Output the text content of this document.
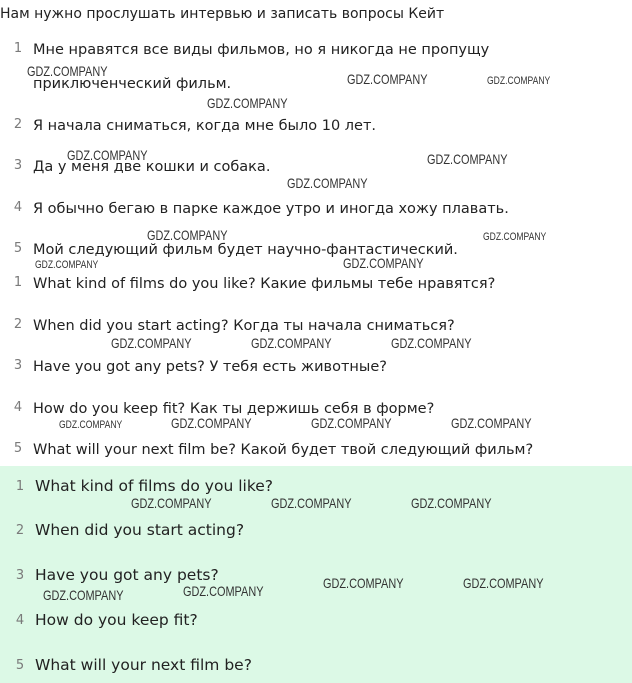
Нам нужно прослушать интервью и записать вопросы Кейт
1 Мне нравятся все виды фильмов, но я никогда не пропущу
приключенческий фильм.
2 Я начала сниматься, когда мне было 10 лет.
3 Да у меня две кошки и собака.
4 Я обычно бегаю в парке каждое утро и иногда хожу плавать.
5 Мой следующий фильм будет научно-фантастический.
1 What kind of films do you like? Какие фильмы тебе нравятся?
2 When did you start acting? Когда ты начала сниматься?
3 Have you got any pets? У тебя есть животные?
4 How do you keep fit? Как ты держишь себя в форме?
5 What will your next film be? Какой будет твой следующий фильм?
1 What kind of films do you like?
2 When did you start acting?
3 Have you got any pets?
4 How do you keep fit?
5 What will your next film be?
GDZ.COMPANY	GDZ.COMPANY	GDZ.COMPANY
GDZ.COMPANY
GDZ.COMPANY	GDZ.COMPANY
GDZ.COMPANY
GDZ.COMPANY	GDZ.COMPANY
GDZ.COMPANY	GDZ.COMPANY
GDZ.COMPANY	GDZ.COMPANY	GDZ.COMPANY
GDZ.COMPANY	GDZ.COMPANY	GDZ.COMPANY	GDZ.COMPANY
GDZ.COMPANY	GDZ.COMPANY	GDZ.COMPANY
GDZ.COMPANY	GDZ.COMPANY
GDZ.COMPANY
GDZ.COMPANY
